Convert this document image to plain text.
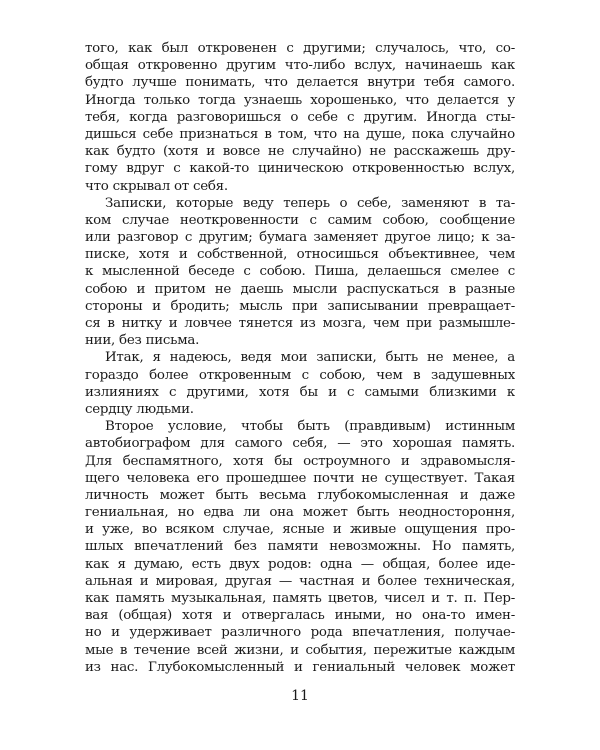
того, как был откровенен с другими; случалось, что, со-
общая откровенно другим что-либо вслух, начинаешь как
будто лучше понимать, что делается внутри тебя самого.
Иногда только тогда узнаешь хорошенько, что делается у
тебя, когда разговоришься о себе с другим. Иногда сты-
дишься себе признаться в том, что на душе, пока случайно
как будто (хотя и вовсе не случайно) не расскажешь дру-
гому вдруг с какой-то циническою откровенностью вслух,
что скрывал от себя.
Записки, которые веду теперь о себе, заменяют в та-
ком случае неоткровенности с самим собою, сообщение
или разговор с другим; бумага заменяет другое лицо; к за-
писке, хотя и собственной, относишься объективнее, чем
к мысленной беседе с собою. Пиша, делаешься смелее с
собою и притом не даешь мысли распускаться в разные
стороны и бродить; мысль при записывании превращает-
ся в нитку и ловчее тянется из мозга, чем при размышле-
нии, без письма.
Итак, я надеюсь, ведя мои записки, быть не менее, а
гораздо более откровенным с собою, чем в задушевных
излияниях с другими, хотя бы и с самыми близкими к
сердцу людьми.
Второе условие, чтобы быть (правдивым) истинным
автобиографом для самого себя, — это хорошая память.
Для беспамятного, хотя бы остроумного и здравомысля-
щего человека его прошедшее почти не существует. Такая
личность может быть весьма глубокомысленная и даже
гениальная, но едва ли она может быть неодностороння,
и уже, во всяком случае, ясные и живые ощущения про-
шлых впечатлений без памяти невозможны. Но память,
как я думаю, есть двух родов: одна — общая, более иде-
альная и мировая, другая — частная и более техническая,
как память музыкальная, память цветов, чисел и т. п. Пер-
вая (общая) хотя и отвергалась иными, но она-то имен-
но и удерживает различного рода впечатления, получае-
мые в течение всей жизни, и события, пережитые каждым
из нас. Глубокомысленный и гениальный человек может
11
